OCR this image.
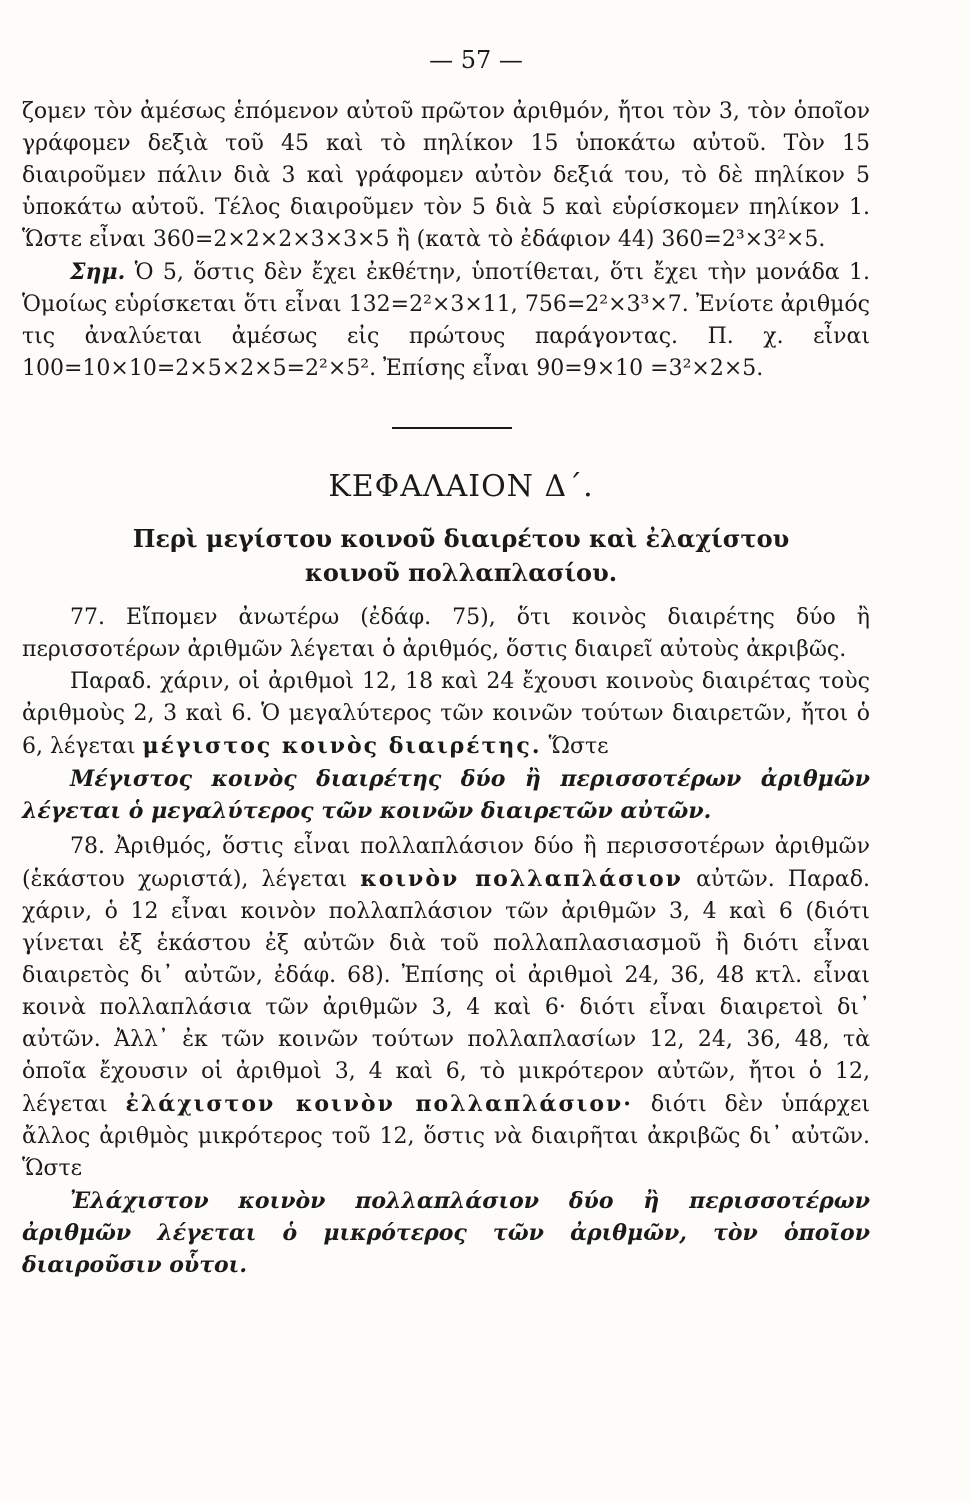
— 57 —

ζομεν τὸν ἀμέσως ἑπόμενον αὐτοῦ πρῶτον ἀριθμόν, ἤτοι τὸν 3, τὸν ὁποῖον γράφομεν δεξιὰ τοῦ 45 καὶ τὸ πηλίκον 15 ὑποκάτω αὐτοῦ. Τὸν 15 διαιροῦμεν πάλιν διὰ 3 καὶ γράφομεν αὐτὸν δεξιά του, τὸ δὲ πηλίκον 5 ὑποκάτω αὐτοῦ. Τέλος διαιροῦμεν τὸν 5 διὰ 5 καὶ εὑρίσκομεν πηλίκον 1. Ὥστε εἶναι 360=2×2×2×3×3×5 ἢ (κατὰ τὸ ἐδάφιον 44) 360=2³×3²×5.

Σημ. Ὁ 5, ὅστις δὲν ἔχει ἐκθέτην, ὑποτίθεται, ὅτι ἔχει τὴν μονάδα 1. Ὁμοίως εὑρίσκεται ὅτι εἶναι 132=2²×3×11, 756=2²×3³×7. Ἐνίοτε ἀριθμός τις ἀναλύεται ἀμέσως εἰς πρώτους παράγοντας. Π. χ. εἶναι 100=10×10=2×5×2×5=2²×5². Ἐπίσης εἶναι 90=9×10 =3²×2×5.

ΚΕΦΑΛΑΙΟΝ Δ΄.
Περὶ μεγίστου κοινοῦ διαιρέτου καὶ ἐλαχίστου
κοινοῦ πολλαπλασίου.

77. Εἴπομεν ἀνωτέρω (ἐδάφ. 75), ὅτι κοινὸς διαιρέτης δύο ἢ περισσοτέρων ἀριθμῶν λέγεται ὁ ἀριθμός, ὅστις διαιρεῖ αὐτοὺς ἀκριβῶς.

Παραδ. χάριν, οἱ ἀριθμοὶ 12, 18 καὶ 24 ἔχουσι κοινοὺς διαιρέτας τοὺς ἀριθμοὺς 2, 3 καὶ 6. Ὁ μεγαλύτερος τῶν κοινῶν τούτων διαιρετῶν, ἤτοι ὁ 6, λέγεται μέγιστος κοινὸς διαιρέτης. Ὥστε

Μέγιστος κοινὸς διαιρέτης δύο ἢ περισσοτέρων ἀριθμῶν λέγεται ὁ μεγαλύτερος τῶν κοινῶν διαιρετῶν αὐτῶν.

78. Ἀριθμός, ὅστις εἶναι πολλαπλάσιον δύο ἢ περισσοτέρων ἀριθμῶν (ἑκάστου χωριστά), λέγεται κοινὸν πολλαπλάσιον αὐτῶν. Παραδ. χάριν, ὁ 12 εἶναι κοινὸν πολλαπλάσιον τῶν ἀριθμῶν 3, 4 καὶ 6 (διότι γίνεται ἐξ ἑκάστου ἐξ αὐτῶν διὰ τοῦ πολλαπλασιασμοῦ ἢ διότι εἶναι διαιρετὸς δι᾿ αὐτῶν, ἐδάφ. 68). Ἐπίσης οἱ ἀριθμοὶ 24, 36, 48 κτλ. εἶναι κοινὰ πολλαπλάσια τῶν ἀριθμῶν 3, 4 καὶ 6· διότι εἶναι διαιρετοὶ δι᾿ αὐτῶν. Ἀλλ᾿ ἐκ τῶν κοινῶν τούτων πολλαπλασίων 12, 24, 36, 48, τὰ ὁποῖα ἔχουσιν οἱ ἀριθμοὶ 3, 4 καὶ 6, τὸ μικρότερον αὐτῶν, ἤτοι ὁ 12, λέγεται ἐλάχιστον κοινὸν πολλαπλάσιον· διότι δὲν ὑπάρχει ἄλλος ἀριθμὸς μικρότερος τοῦ 12, ὅστις νὰ διαιρῆται ἀκριβῶς δι᾿ αὐτῶν. Ὥστε

Ἐλάχιστον κοινὸν πολλαπλάσιον δύο ἢ περισσοτέρων ἀριθμῶν λέγεται ὁ μικρότερος τῶν ἀριθμῶν, τὸν ὁποῖον διαιροῦσιν οὗτοι.
